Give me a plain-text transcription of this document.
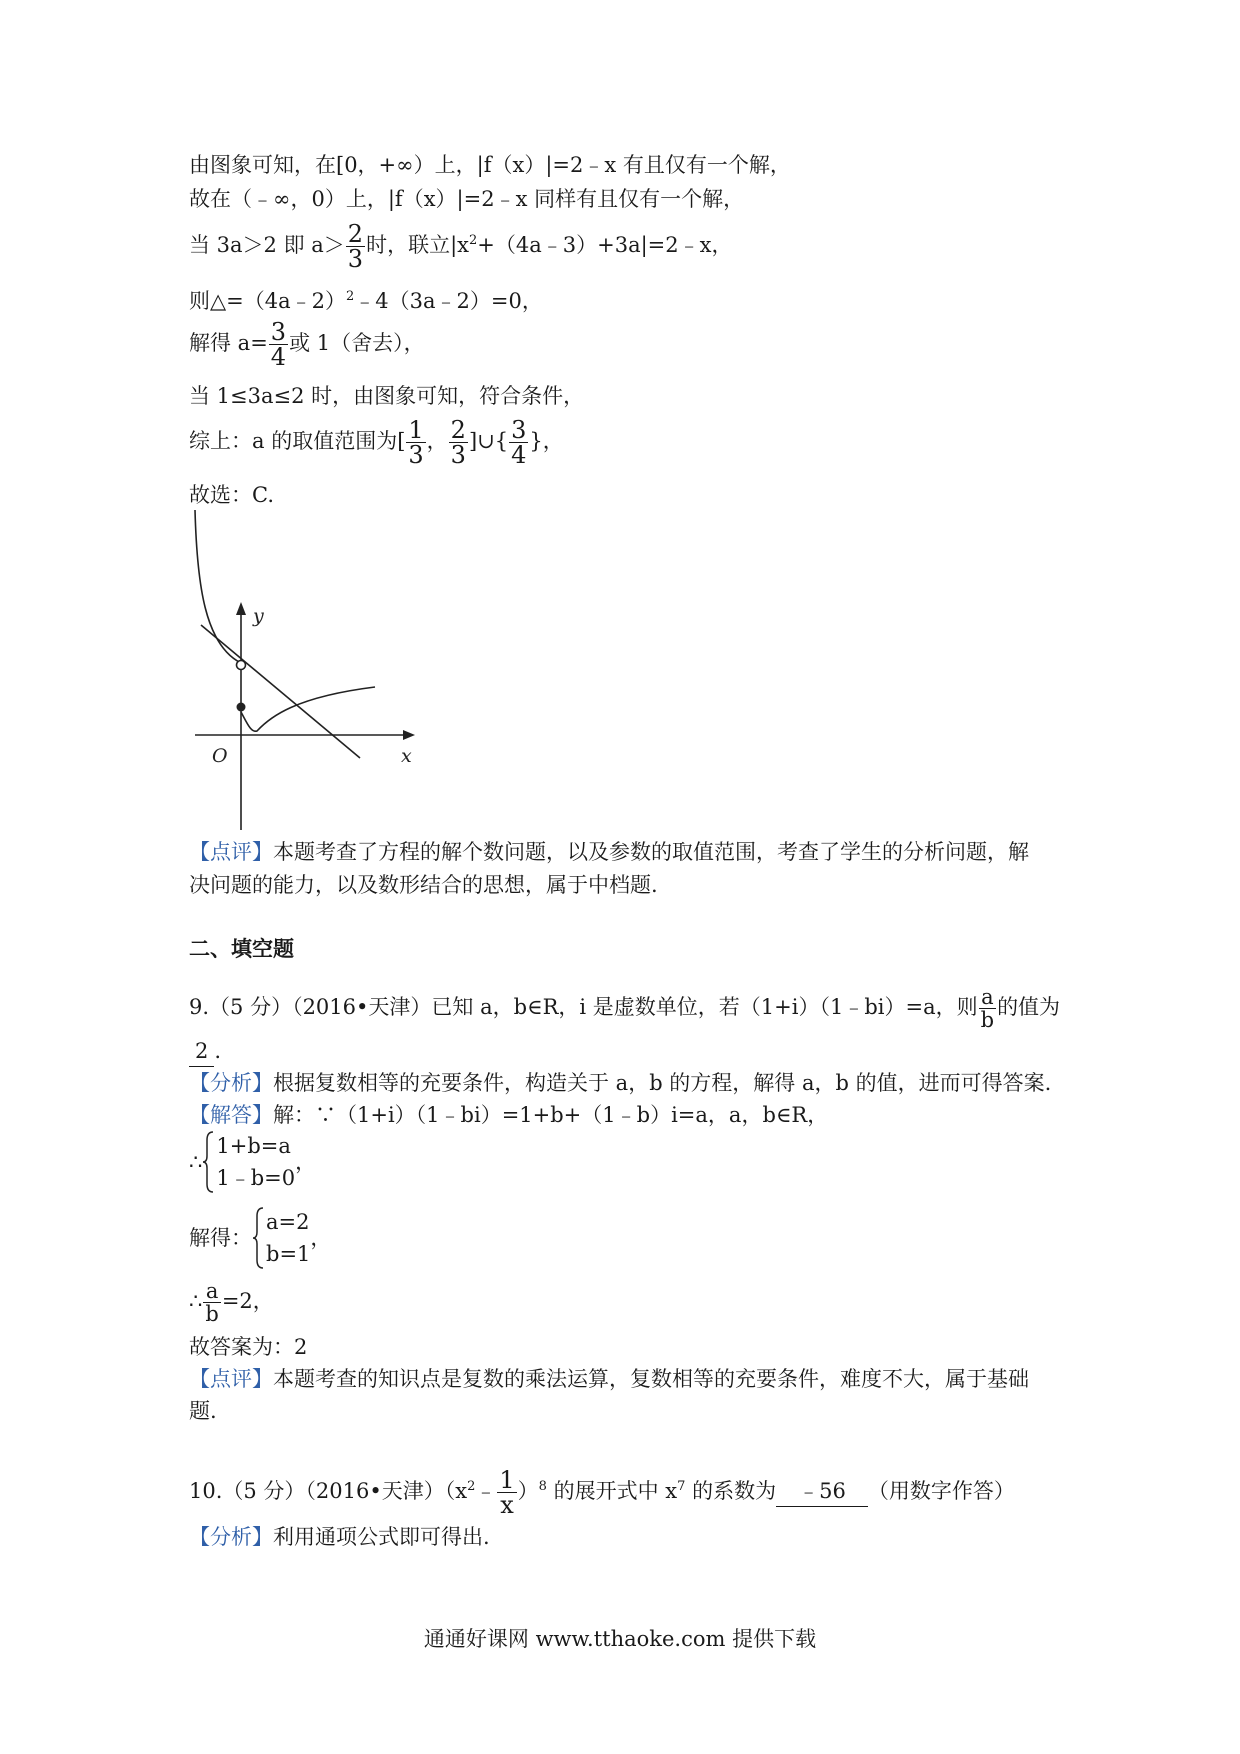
由图象可知，在[0，+∞）上，|f（x）|=2﹣x 有且仅有一个解，
故在（﹣∞，0）上，|f（x）|=2﹣x 同样有且仅有一个解，
当 3a＞2 即 $a> \frac{2}{3}$ 时，联立$|x^2+(4a﹣3)+3a|=2﹣x$，
则△=（4a﹣2）$^2$﹣4（3a﹣2）=0，
解得 $a= \frac{3}{4}$ 或 1（舍去），
当 1≤3a≤2 时，由图象可知，符合条件，
综上：a 的取值范围为[ $\frac{1}{3}$ ， $\frac{2}{3}$ ]∪{ $\frac{3}{4}$ }，
故选：C.
y
x
O
【点评】本题考查了方程的解个数问题，以及参数的取值范围，考查了学生的分析问题，解
决问题的能力，以及数形结合的思想，属于中档题.
二、填空题
9.（5 分）（2016•天津）已知 a，b∈R，i 是虚数单位，若（1+i）（1﹣bi）=a，则 $\frac{a}{b}$ 的值为
2 .
【分析】根据复数相等的充要条件，构造关于 a，b 的方程，解得 a，b 的值，进而可得答案.
【解答】解：∵（1+i）（1﹣bi）=1+b+（1﹣b）i=a，a，b∈R，
∴
1+b=a
1﹣b=0
，
解得：
a=2
b=1
，
∴ $\frac{a}{b} =2$，
故答案为：2
【点评】本题考查的知识点是复数的乘法运算，复数相等的充要条件，难度不大，属于基础
题.
10.（5 分）（2016•天津）$(x^2﹣ \frac{1}{x} )^8$ 的展开式中 $x^7$ 的系数为 ﹣56 （用数字作答）
【分析】利用通项公式即可得出.
通通好课网 www.tthaoke.com 提供下载
